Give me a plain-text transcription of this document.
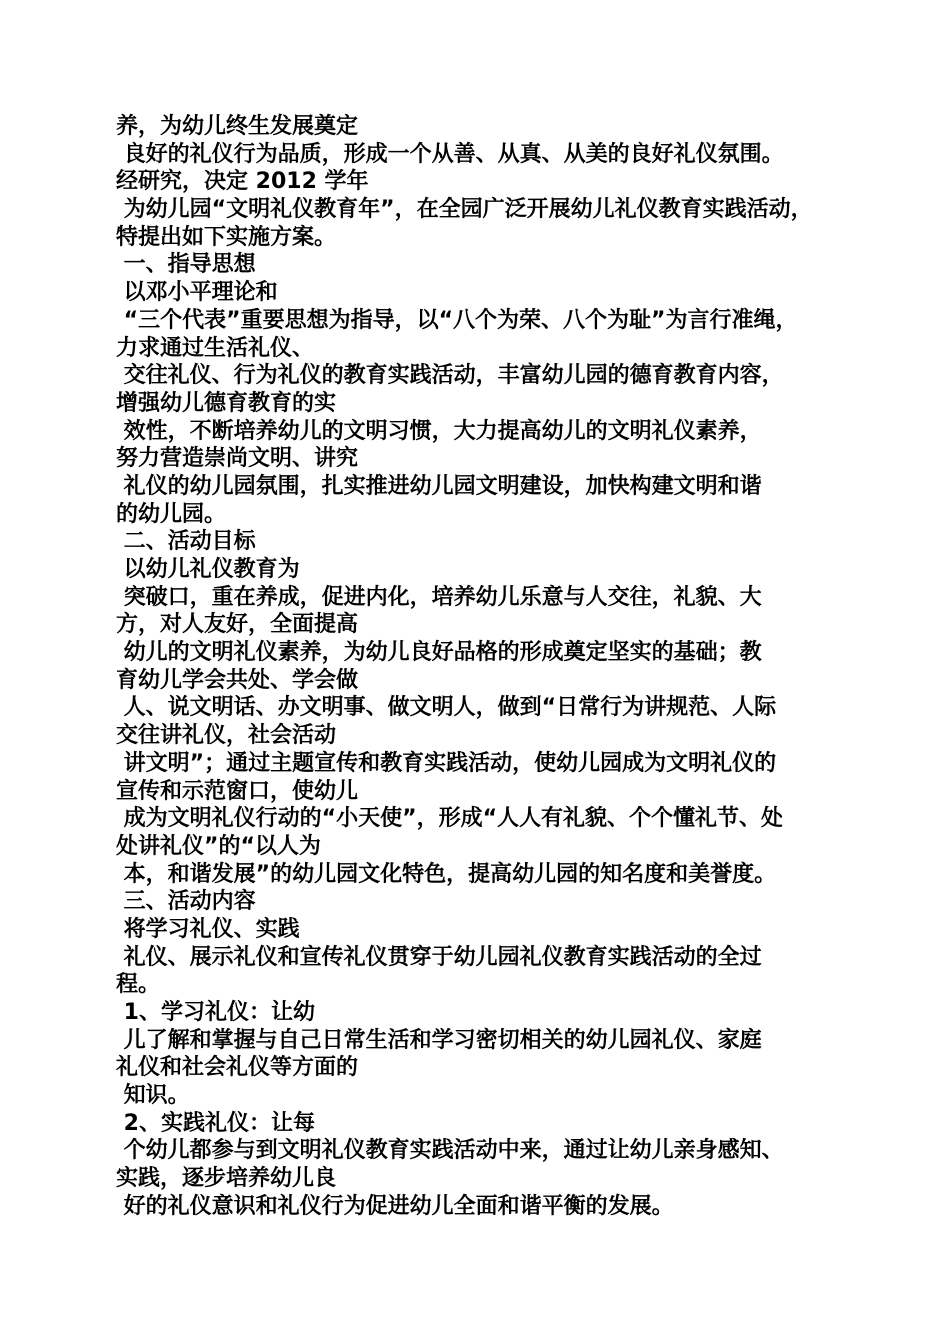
养，为幼儿终生发展奠定
良好的礼仪行为品质，形成一个从善、从真、从美的良好礼仪氛围。
经研究，决定 2012 学年
为幼儿园“文明礼仪教育年”，在全园广泛开展幼儿礼仪教育实践活动，
特提出如下实施方案。
一、指导思想
以邓小平理论和
“三个代表”重要思想为指导，以“八个为荣、八个为耻”为言行准绳，
力求通过生活礼仪、
交往礼仪、行为礼仪的教育实践活动，丰富幼儿园的德育教育内容，
增强幼儿德育教育的实
效性，不断培养幼儿的文明习惯，大力提高幼儿的文明礼仪素养，
努力营造崇尚文明、讲究
礼仪的幼儿园氛围，扎实推进幼儿园文明建设，加快构建文明和谐
的幼儿园。
二、活动目标
以幼儿礼仪教育为
突破口，重在养成，促进内化，培养幼儿乐意与人交往，礼貌、大
方，对人友好，全面提高
幼儿的文明礼仪素养，为幼儿良好品格的形成奠定坚实的基础；教
育幼儿学会共处、学会做
人、说文明话、办文明事、做文明人，做到“日常行为讲规范、人际
交往讲礼仪，社会活动
讲文明”；通过主题宣传和教育实践活动，使幼儿园成为文明礼仪的
宣传和示范窗口，使幼儿
成为文明礼仪行动的“小天使”，形成“人人有礼貌、个个懂礼节、处
处讲礼仪”的“以人为
本，和谐发展”的幼儿园文化特色，提高幼儿园的知名度和美誉度。
三、活动内容
将学习礼仪、实践
礼仪、展示礼仪和宣传礼仪贯穿于幼儿园礼仪教育实践活动的全过
程。
1、学习礼仪：让幼
儿了解和掌握与自己日常生活和学习密切相关的幼儿园礼仪、家庭
礼仪和社会礼仪等方面的
知识。
2、实践礼仪：让每
个幼儿都参与到文明礼仪教育实践活动中来，通过让幼儿亲身感知、
实践，逐步培养幼儿良
好的礼仪意识和礼仪行为促进幼儿全面和谐平衡的发展。
